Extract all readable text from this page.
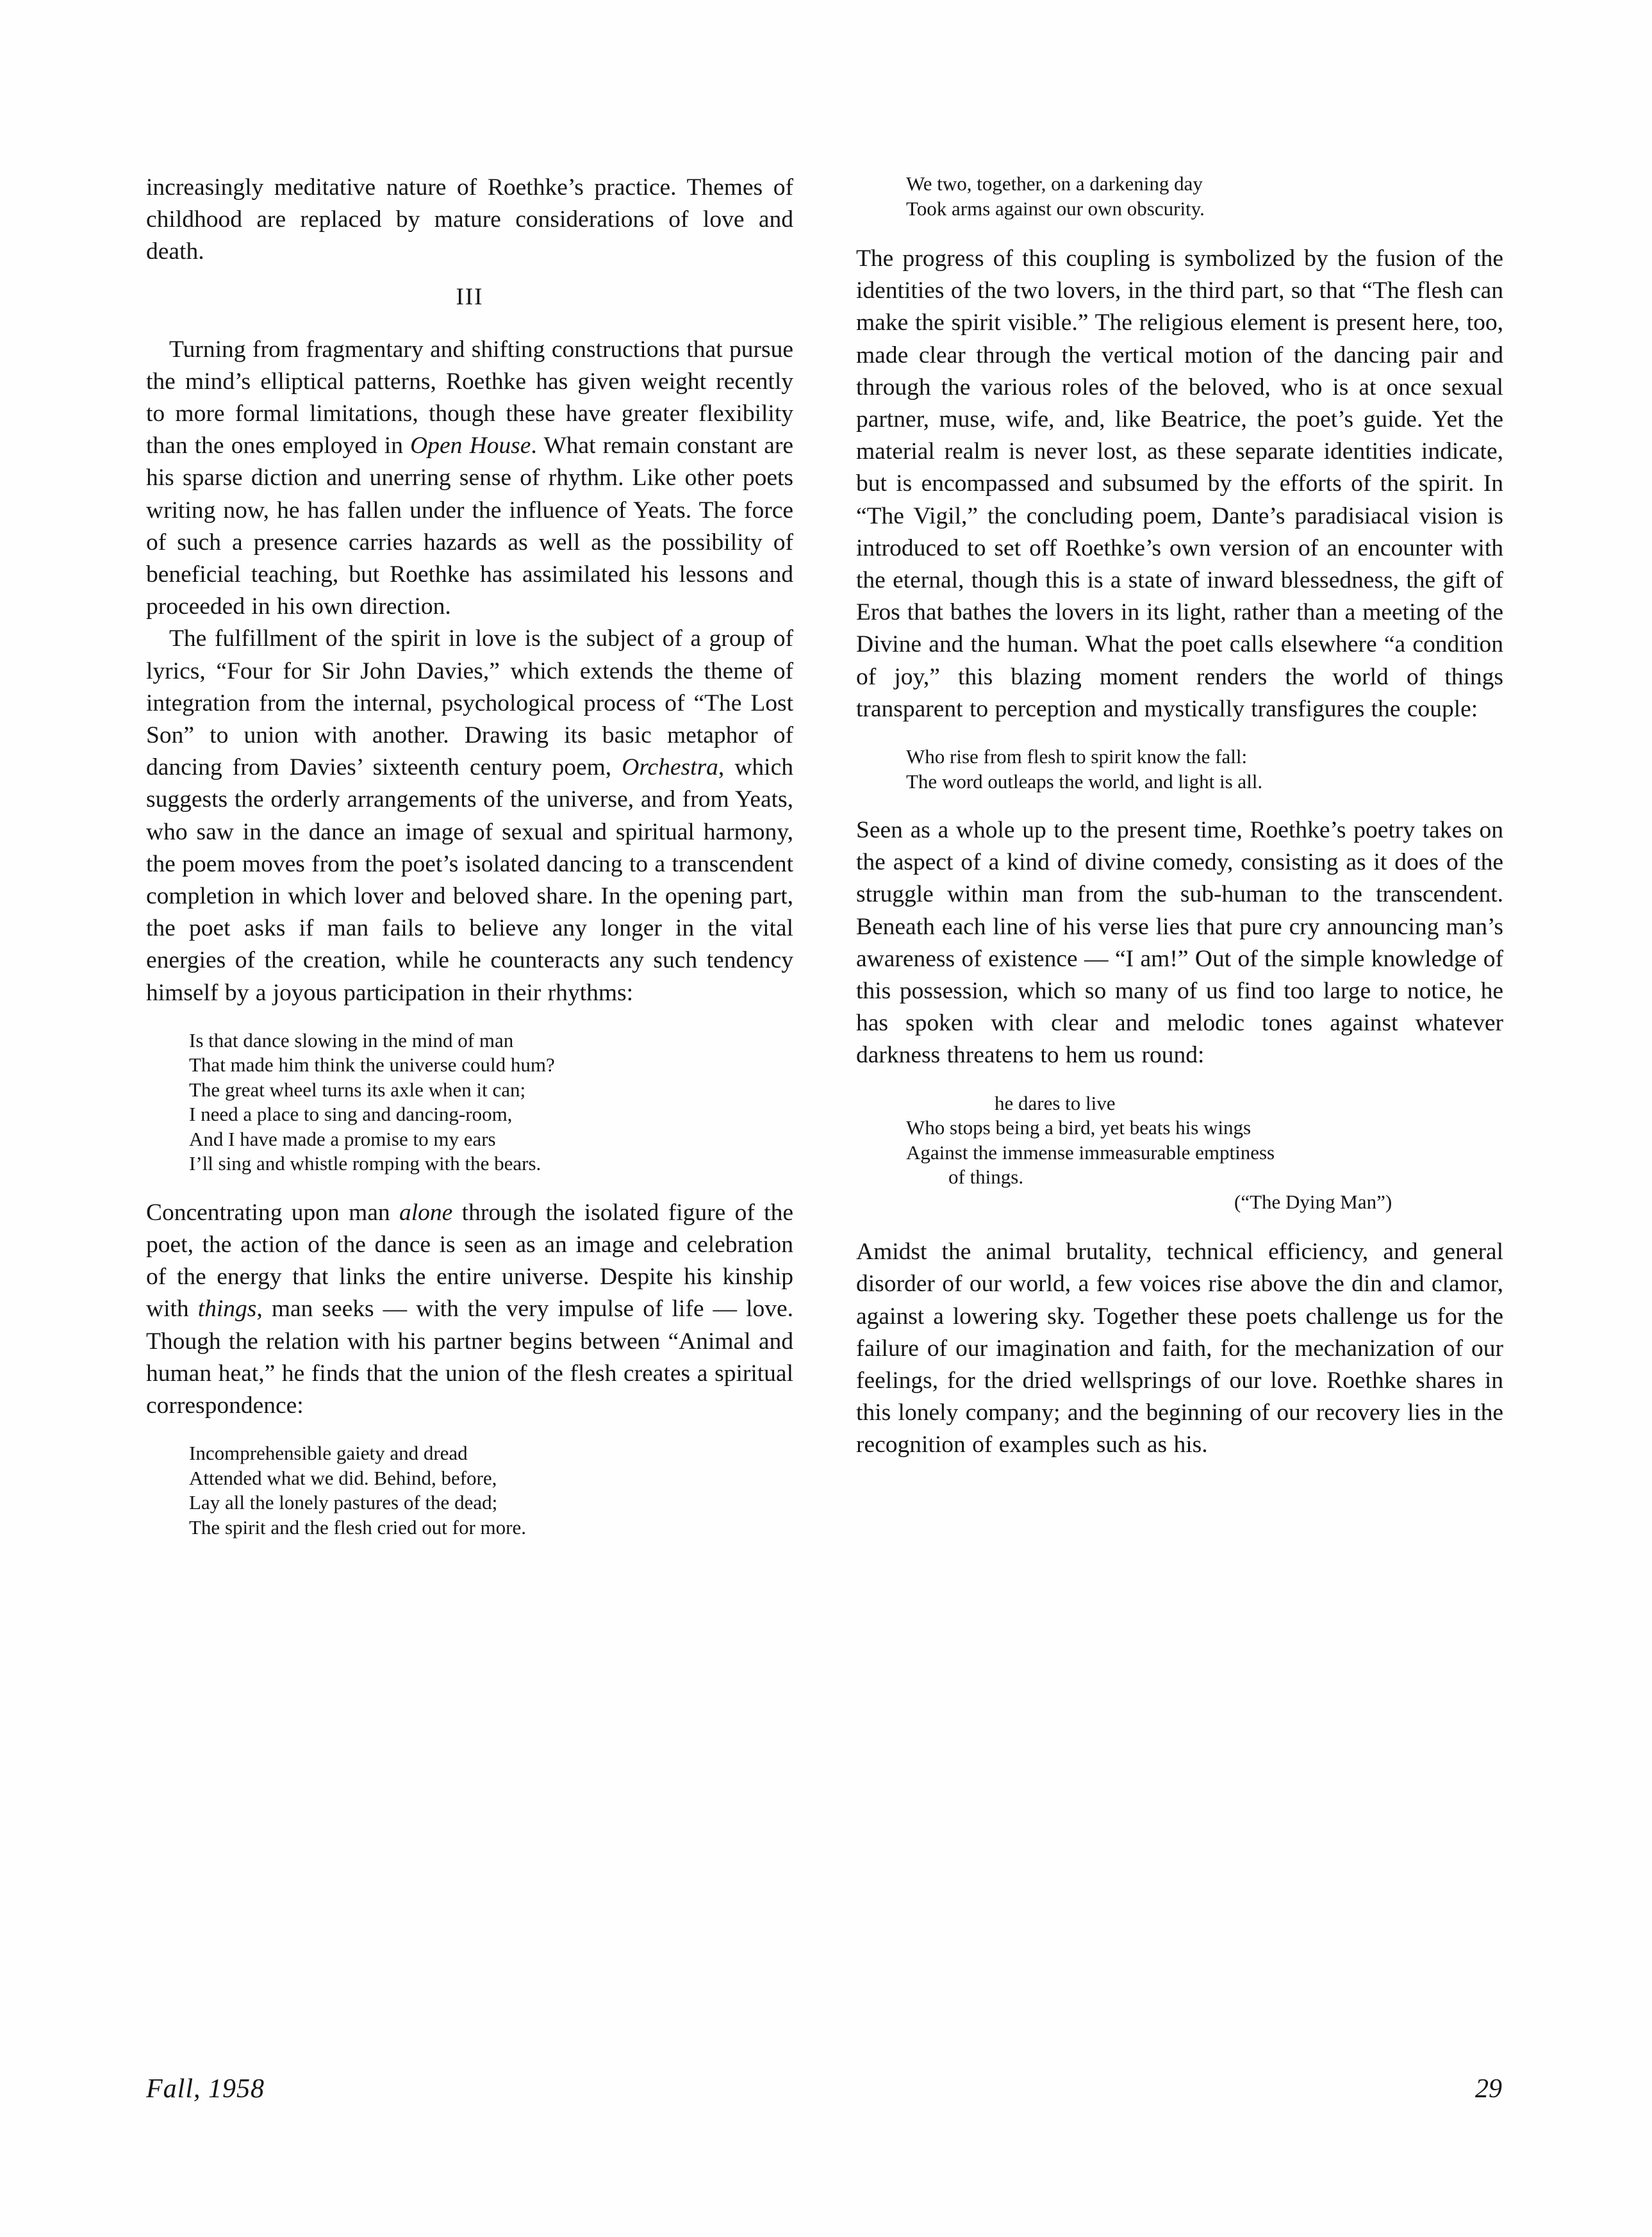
increasingly meditative nature of Roethke’s practice. Themes of childhood are replaced by mature considerations of love and death.

III

Turning from fragmentary and shifting constructions that pursue the mind’s elliptical patterns, Roethke has given weight recently to more formal limitations, though these have greater flexibility than the ones employed in Open House. What remain constant are his sparse diction and unerring sense of rhythm. Like other poets writing now, he has fallen under the influence of Yeats. The force of such a presence carries hazards as well as the possibility of beneficial teaching, but Roethke has assimilated his lessons and proceeded in his own direction.

The fulfillment of the spirit in love is the subject of a group of lyrics, “Four for Sir John Davies,” which extends the theme of integration from the internal, psychological process of “The Lost Son” to union with another. Drawing its basic metaphor of dancing from Davies’ sixteenth century poem, Orchestra, which suggests the orderly arrangements of the universe, and from Yeats, who saw in the dance an image of sexual and spiritual harmony, the poem moves from the poet’s isolated dancing to a transcendent completion in which lover and beloved share. In the opening part, the poet asks if man fails to believe any longer in the vital energies of the creation, while he counteracts any such tendency himself by a joyous participation in their rhythms:

Is that dance slowing in the mind of man
That made him think the universe could hum?
The great wheel turns its axle when it can;
I need a place to sing and dancing-room,
And I have made a promise to my ears
I’ll sing and whistle romping with the bears.

Concentrating upon man alone through the isolated figure of the poet, the action of the dance is seen as an image and celebration of the energy that links the entire universe. Despite his kinship with things, man seeks — with the very impulse of life — love. Though the relation with his partner begins between “Animal and human heat,” he finds that the union of the flesh creates a spiritual correspondence:

Incomprehensible gaiety and dread
Attended what we did. Behind, before,
Lay all the lonely pastures of the dead;
The spirit and the flesh cried out for more.
We two, together, on a darkening day
Took arms against our own obscurity.

The progress of this coupling is symbolized by the fusion of the identities of the two lovers, in the third part, so that “The flesh can make the spirit visible.” The religious element is present here, too, made clear through the vertical motion of the dancing pair and through the various roles of the beloved, who is at once sexual partner, muse, wife, and, like Beatrice, the poet’s guide. Yet the material realm is never lost, as these separate identities indicate, but is encompassed and subsumed by the efforts of the spirit. In “The Vigil,” the concluding poem, Dante’s paradisiacal vision is introduced to set off Roethke’s own version of an encounter with the eternal, though this is a state of inward blessedness, the gift of Eros that bathes the lovers in its light, rather than a meeting of the Divine and the human. What the poet calls elsewhere “a condition of joy,” this blazing moment renders the world of things transparent to perception and mystically transfigures the couple:

Who rise from flesh to spirit know the fall:
The word outleaps the world, and light is all.

Seen as a whole up to the present time, Roethke’s poetry takes on the aspect of a kind of divine comedy, consisting as it does of the struggle within man from the sub-human to the transcendent. Beneath each line of his verse lies that pure cry announcing man’s awareness of existence — “I am!” Out of the simple knowledge of this possession, which so many of us find too large to notice, he has spoken with clear and melodic tones against whatever darkness threatens to hem us round:

he dares to live
Who stops being a bird, yet beats his wings
Against the immense immeasurable emptiness
of things.
(“The Dying Man”)

Amidst the animal brutality, technical efficiency, and general disorder of our world, a few voices rise above the din and clamor, against a lowering sky. Together these poets challenge us for the failure of our imagination and faith, for the mechanization of our feelings, for the dried wellsprings of our love. Roethke shares in this lonely company; and the beginning of our recovery lies in the recognition of examples such as his.

Fall, 1958	29
